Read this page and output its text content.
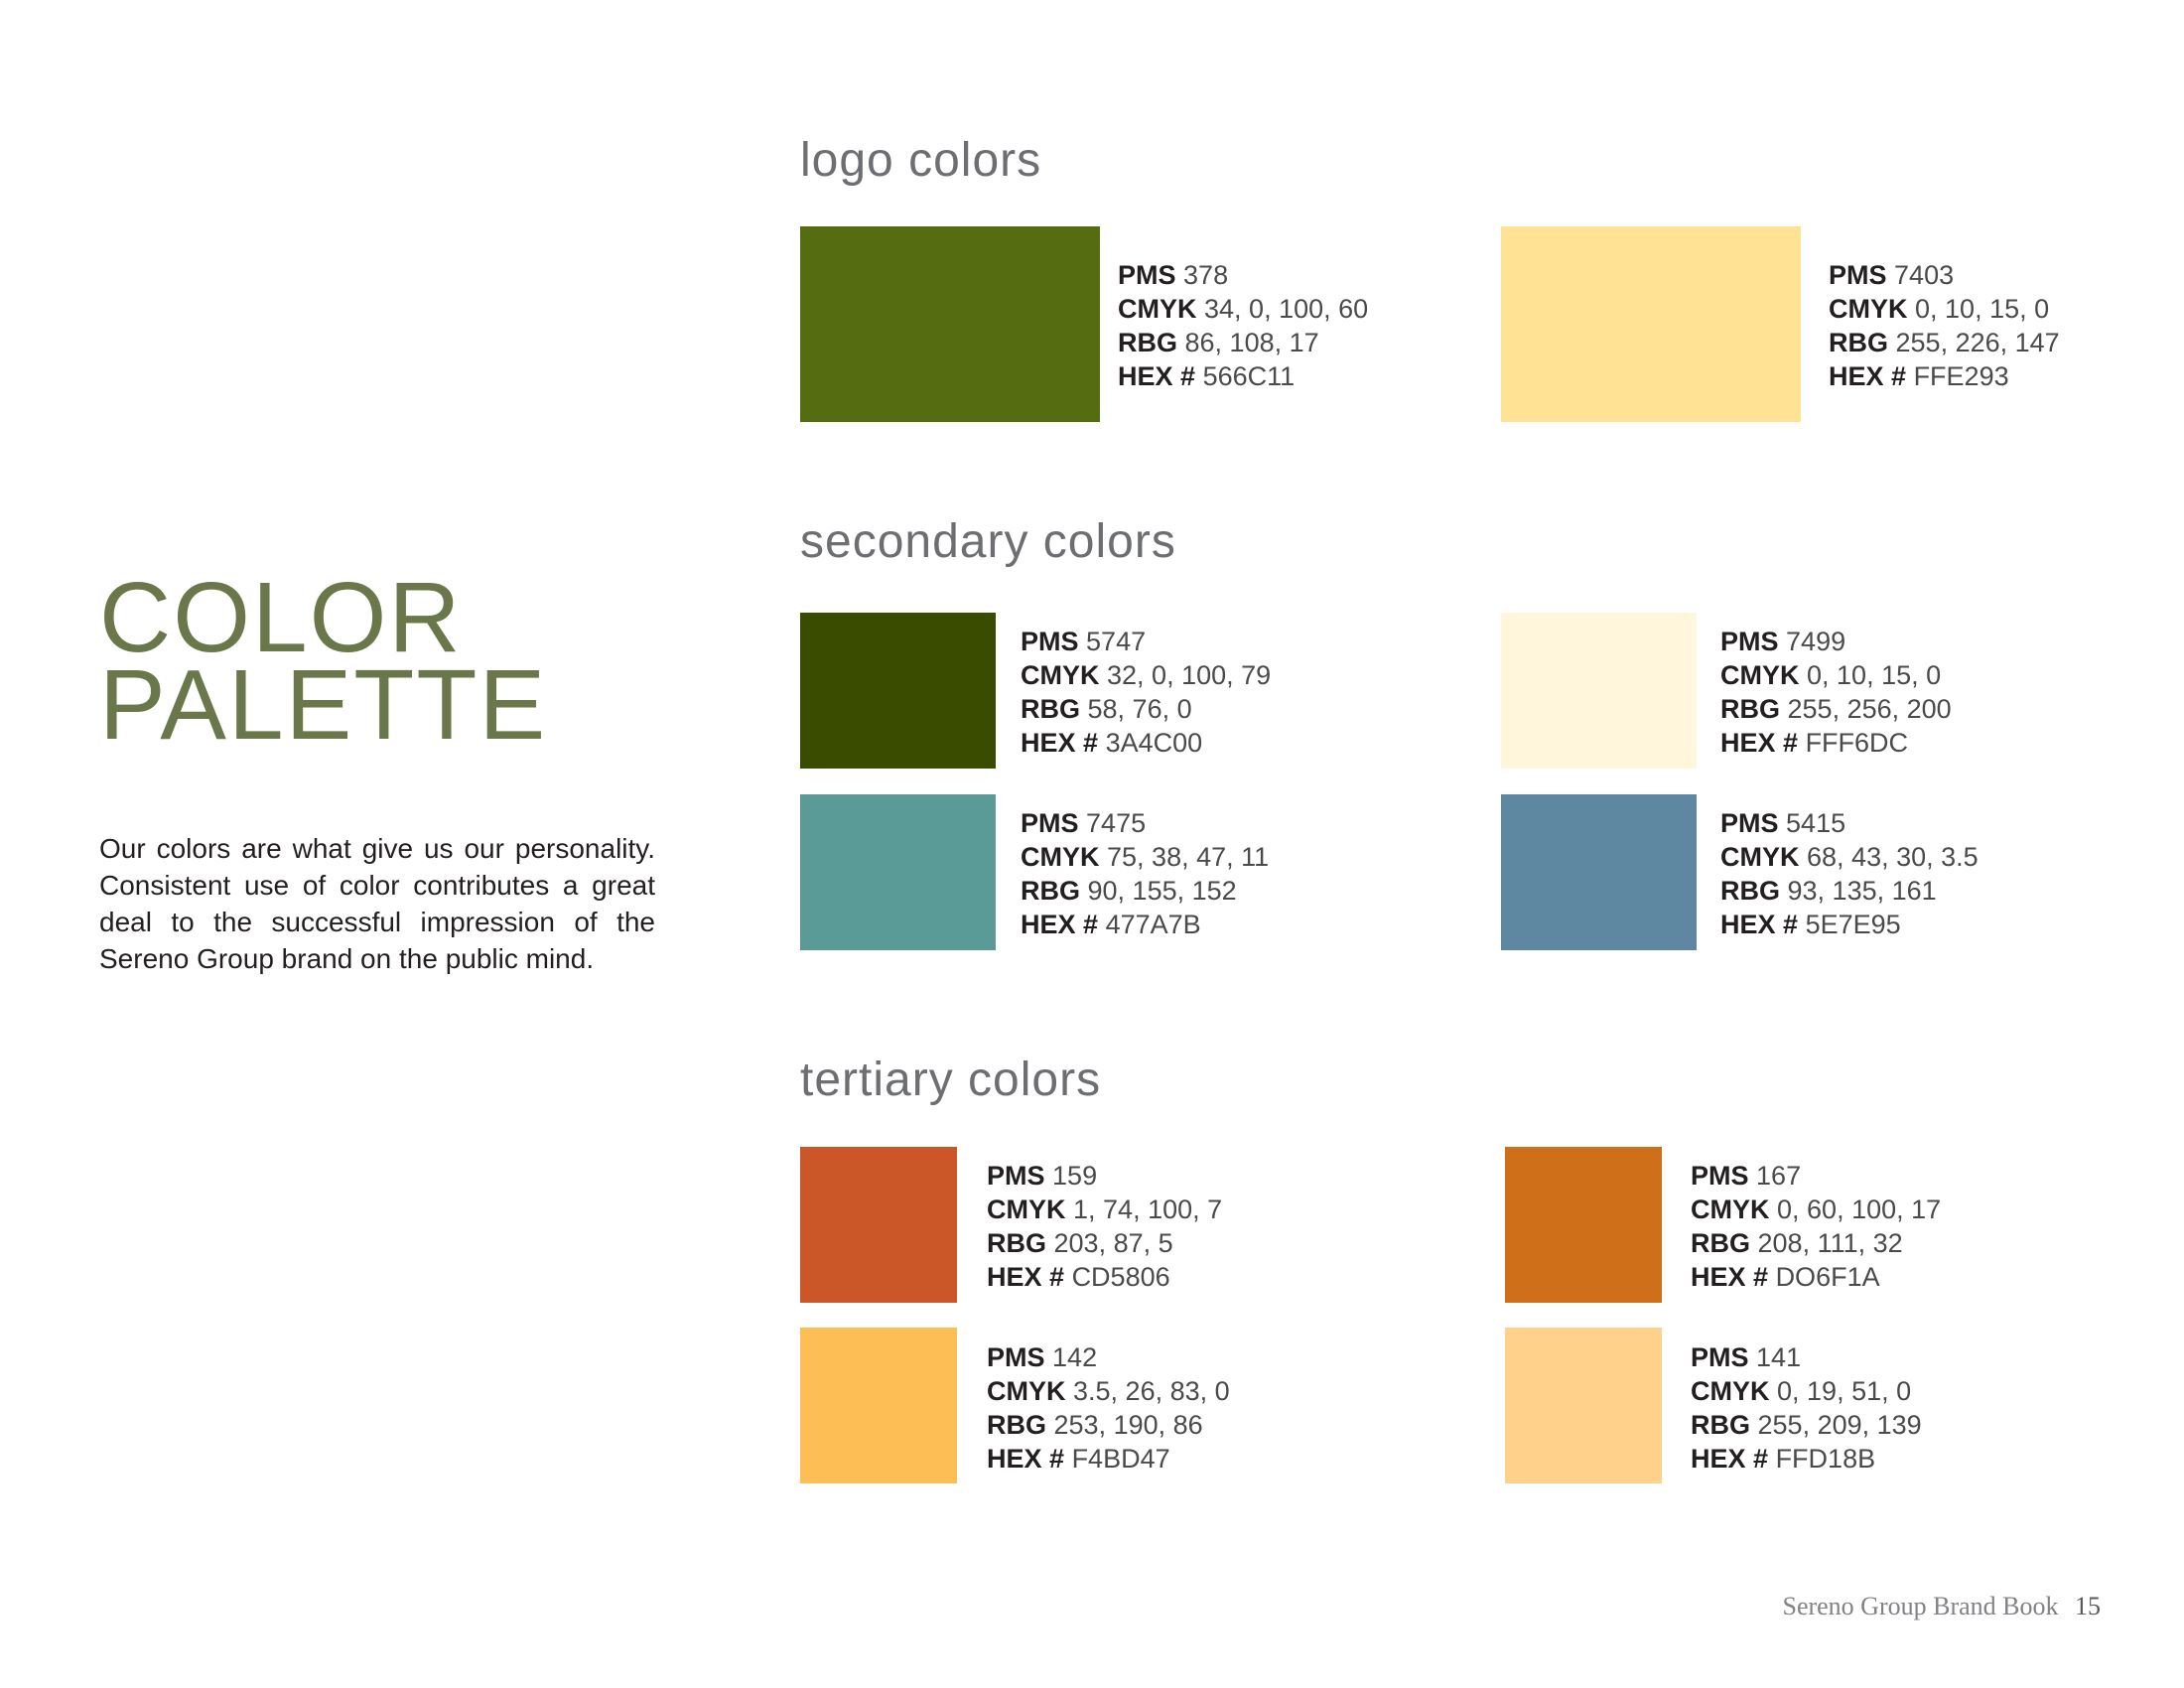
COLOR
PALETTE

Our colors are what give us our personality. Consistent use of color contributes a great deal to the successful impression of the Sereno Group brand on the public mind.

logo colors
secondary colors
tertiary colors
PMS 378
CMYK 34, 0, 100, 60
RBG 86, 108, 17
HEX # 566C11
PMS 7403
CMYK 0, 10, 15, 0
RBG 255, 226, 147
HEX # FFE293
PMS 5747
CMYK 32, 0, 100, 79
RBG 58, 76, 0
HEX # 3A4C00
PMS 7499
CMYK 0, 10, 15, 0
RBG 255, 256, 200
HEX # FFF6DC
PMS 7475
CMYK 75, 38, 47, 11
RBG 90, 155, 152
HEX # 477A7B
PMS 5415
CMYK 68, 43, 30, 3.5
RBG 93, 135, 161
HEX # 5E7E95
PMS 159
CMYK 1, 74, 100, 7
RBG 203, 87, 5
HEX # CD5806
PMS 167
CMYK 0, 60, 100, 17
RBG 208, 111, 32
HEX # DO6F1A
PMS 142
CMYK 3.5, 26, 83, 0
RBG 253, 190, 86
HEX # F4BD47
PMS 141
CMYK 0, 19, 51, 0
RBG 255, 209, 139
HEX # FFD18B
Sereno Group Brand Book 15
